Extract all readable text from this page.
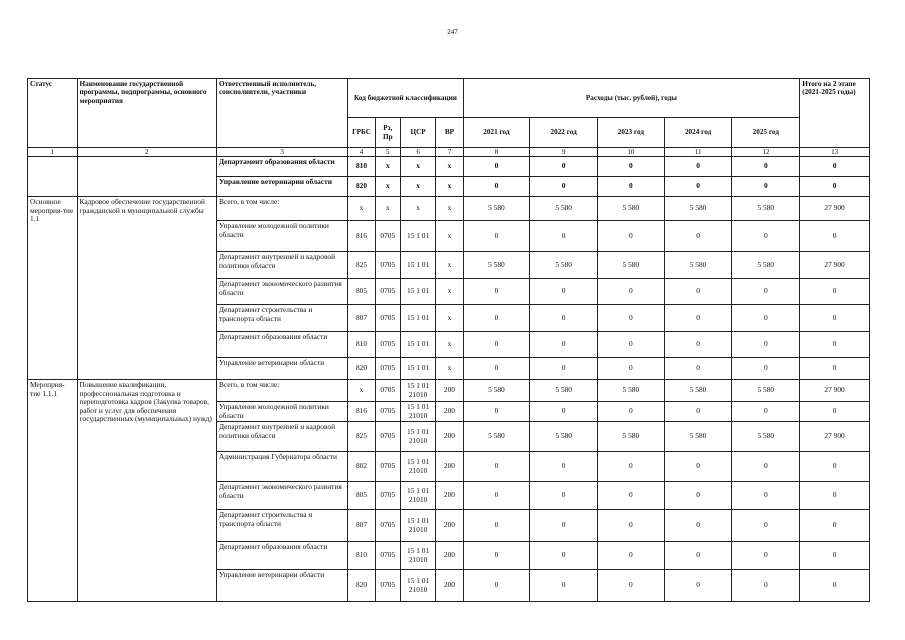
247
Статус	Наименование государственной программы, подпрограммы, основного мероприятия	Ответственный исполнитель, соисполнители, участники	Код бюджетной классификации				Расходы (тыс. рублей), годы					Итого на 2 этапе (2021-2025 годы)
			ГРБС	Рз, Пр	ЦСР	ВР	2021 год	2022 год	2023 год	2024 год	2025 год	
1	2	3	4	5	6	7	8	9	10	11	12	13
		Департамент образования области	810	x	x	x	0	0	0	0	0	0
		Управление ветеринарии области	820	x	x	x	0	0	0	0	0	0
Основное мероприя-тие 1.1	Кадровое обеспечение государственной гражданской и муниципальной службы	Всего, в том числе:	x	x	x	x	5 580	5 580	5 580	5 580	5 580	27 900
		Управление молодежной политики области	816	0705	15 1 01	x	0	0	0	0	0	0
		Департамент внутренней и кадровой политики области	825	0705	15 1 01	x	5 580	5 580	5 580	5 580	5 580	27 900
		Департамент экономического развития области	805	0705	15 1 01	x	0	0	0	0	0	0
		Департамент строительства и транспорта области	807	0705	15 1 01	x	0	0	0	0	0	0
		Департамент образования области	810	0705	15 1 01	x	0	0	0	0	0	0
		Управление ветеринарии области	820	0705	15 1 01	x	0	0	0	0	0	0
Мероприя-тие 1.1.1	Повышение квалификации, профессиональная подготовка и переподготовка кадров (Закупка товаров, работ и услуг для обеспечения государственных (муниципальных) нужд)	Всего, в том числе:	x	0705	15 1 01 21010	200	5 580	5 580	5 580	5 580	5 580	27 900
		Управление молодежной политики области	816	0705	15 1 01 21010	200	0	0	0	0	0	0
		Департамент внутренней и кадровой политики области	825	0705	15 1 01 21010	200	5 580	5 580	5 580	5 580	5 580	27 900
		Администрация Губернатора области	802	0705	15 1 01 21010	200	0	0	0	0	0	0
		Департамент экономического развития области	805	0705	15 1 01 21010	200	0	0	0	0	0	0
		Департамент строительства и транспорта области	807	0705	15 1 01 21010	200	0	0	0	0	0	0
		Департамент образования области	810	0705	15 1 01 21010	200	0	0	0	0	0	0
		Управление ветеринарии области	820	0705	15 1 01 21010	200	0	0	0	0	0	0
